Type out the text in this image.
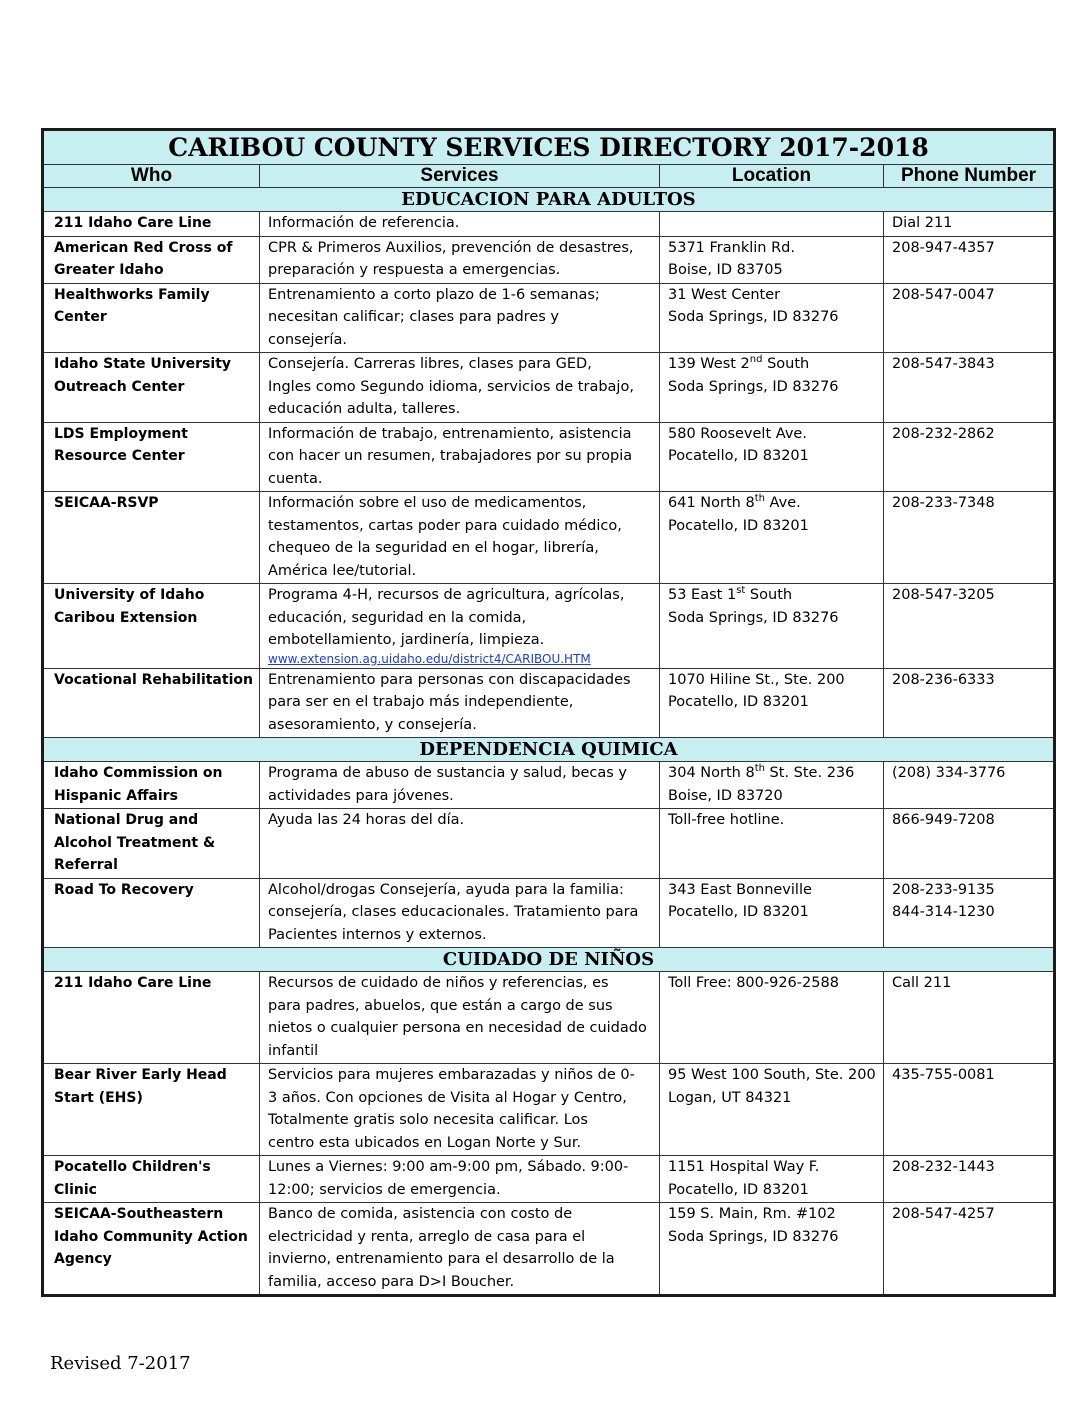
CARIBOU COUNTY SERVICES DIRECTORY 2017-2018			
Who	Services	Location	Phone Number
EDUCACION PARA ADULTOS			

211 Idaho Care Line	Información de referencia.		Dial 211

American Red Cross of
Greater Idaho	CPR & Primeros Auxilios, prevención de desastres,
preparación y respuesta a emergencias.	5371 Franklin Rd.
Boise, ID 83705	208-947-4357

Healthworks Family
Center	Entrenamiento a corto plazo de 1-6 semanas;
necesitan calificar; clases para padres y
consejería.	31 West Center
Soda Springs, ID 83276	208-547-0047

Idaho State University
Outreach Center	Consejería. Carreras libres, clases para GED,
Ingles como Segundo idioma, servicios de trabajo,
educación adulta, talleres.	139 West 2nd South
Soda Springs, ID 83276	208-547-3843

LDS Employment
Resource Center	Información de trabajo, entrenamiento, asistencia
con hacer un resumen, trabajadores por su propia
cuenta.	580 Roosevelt Ave.
Pocatello, ID 83201	208-232-2862

SEICAA-RSVP	Información sobre el uso de medicamentos,
testamentos, cartas poder para cuidado médico,
chequeo de la seguridad en el hogar, librería,
América lee/tutorial.	641 North 8th Ave.
Pocatello, ID 83201	208-233-7348

University of Idaho
Caribou Extension	Programa 4-H, recursos de agricultura, agrícolas,
educación, seguridad en la comida,
embotellamiento, jardinería, limpieza.
www.extension.ag.uidaho.edu/district4/CARIBOU.HTM	53 East 1st South
Soda Springs, ID 83276	208-547-3205

Vocational Rehabilitation	Entrenamiento para personas con discapacidades
para ser en el trabajo más independiente,
asesoramiento, y consejería.	1070 Hiline St., Ste. 200
Pocatello, ID 83201	208-236-6333

DEPENDENCIA QUIMICA			

Idaho Commission on
Hispanic Affairs	Programa de abuso de sustancia y salud, becas y
actividades para jóvenes.	304 North 8th St. Ste. 236
Boise, ID 83720	(208) 334-3776

National Drug and
Alcohol Treatment &
Referral	Ayuda las 24 horas del día.	Toll-free hotline.	866-949-7208

Road To Recovery	Alcohol/drogas Consejería, ayuda para la familia:
consejería, clases educacionales. Tratamiento para
Pacientes internos y externos.	343 East Bonneville
Pocatello, ID 83201	208-233-9135
844-314-1230

CUIDADO DE NIÑOS			

211 Idaho Care Line	Recursos de cuidado de niños y referencias, es
para padres, abuelos, que están a cargo de sus
nietos o cualquier persona en necesidad de cuidado
infantil	Toll Free: 800-926-2588	Call 211

Bear River Early Head
Start (EHS)	Servicios para mujeres embarazadas y niños de 0-
3 años. Con opciones de Visita al Hogar y Centro,
Totalmente gratis solo necesita calificar. Los
centro esta ubicados en Logan Norte y Sur.	95 West 100 South, Ste. 200
Logan, UT 84321	435-755-0081

Pocatello Children's Clinic	Lunes a Viernes: 9:00 am-9:00 pm, Sábado. 9:00-
12:00; servicios de emergencia.	1151 Hospital Way F.
Pocatello, ID 83201	208-232-1443

SEICAA-Southeastern
Idaho Community Action
Agency	Banco de comida, asistencia con costo de
electricidad y renta, arreglo de casa para el
invierno, entrenamiento para el desarrollo de la
familia, acceso para D>I Boucher.	159 S. Main, Rm. #102
Soda Springs, ID 83276	208-547-4257
Revised 7-2017
